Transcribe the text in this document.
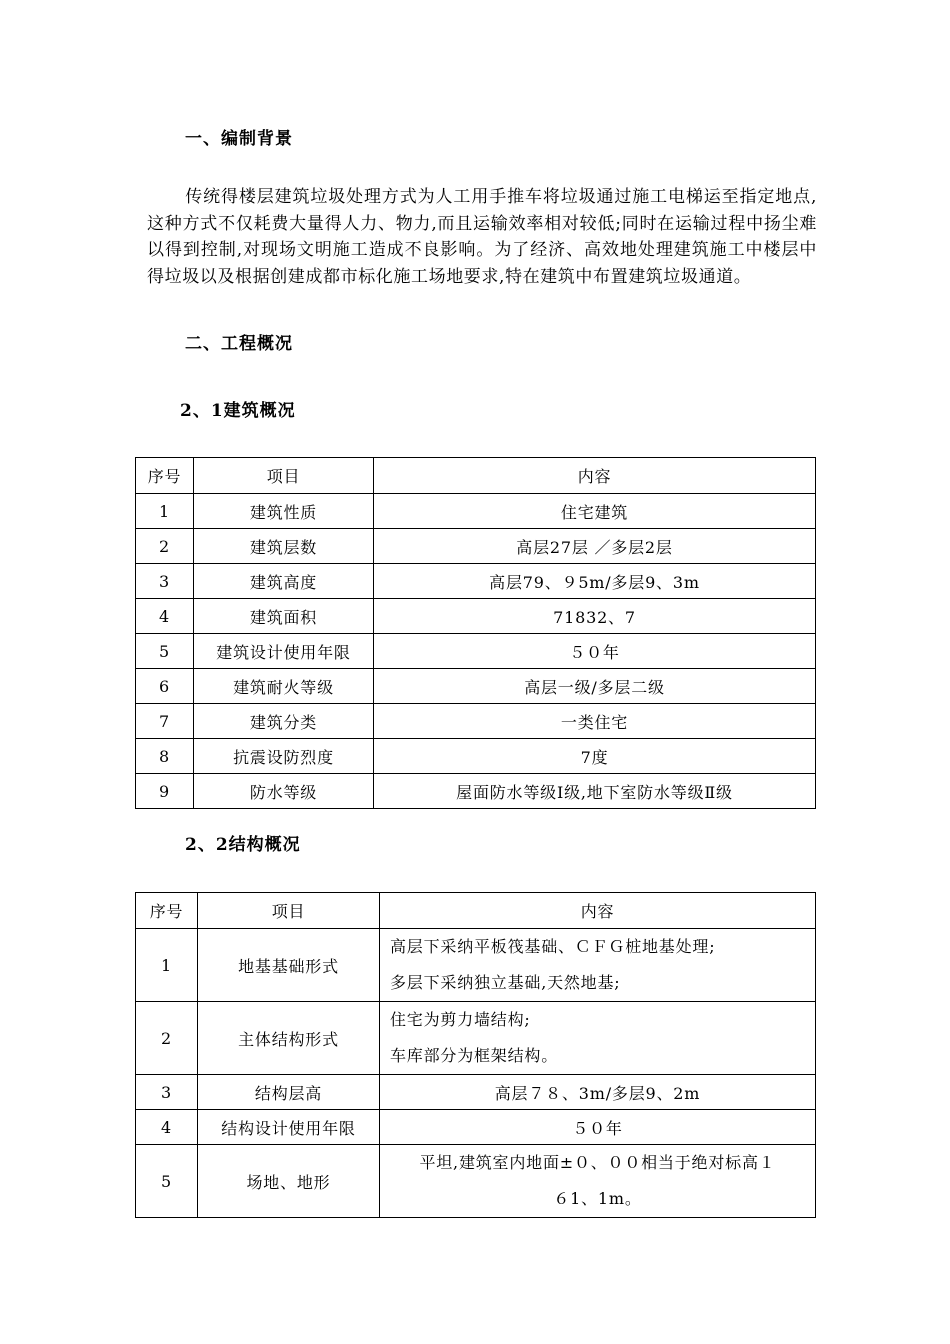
一、编制背景
传统得楼层建筑垃圾处理方式为人工用手推车将垃圾通过施工电梯运至指定地点,这种方式不仅耗费大量得人力、物力,而且运输效率相对较低;同时在运输过程中扬尘难以得到控制,对现场文明施工造成不良影响。为了经济、高效地处理建筑施工中楼层中得垃圾以及根据创建成都市标化施工场地要求,特在建筑中布置建筑垃圾通道。
二、工程概况
2、1建筑概况
序号	项目	内容
1	建筑性质	住宅建筑
2	建筑层数	高层27层 ／多层2层
3	建筑高度	高层79、９5m/多层9、3m
4	建筑面积	71832、7
5	建筑设计使用年限	５０年
6	建筑耐火等级	高层一级/多层二级
7	建筑分类	一类住宅
8	抗震设防烈度	7度
9	防水等级	屋面防水等级Ⅰ级,地下室防水等级Ⅱ级
2、2结构概况
序号	项目	内容
1	地基基础形式	高层下采纳平板筏基础、ＣＦＧ桩地基处理;
多层下采纳独立基础,天然地基;

2	主体结构形式	住宅为剪力墙结构;
车库部分为框架结构。

3	结构层高	高层７８、3m/多层9、2m
4	结构设计使用年限	５０年
5	场地、地形	平坦,建筑室内地面±０、００相当于绝对标高１
６1、1m。
